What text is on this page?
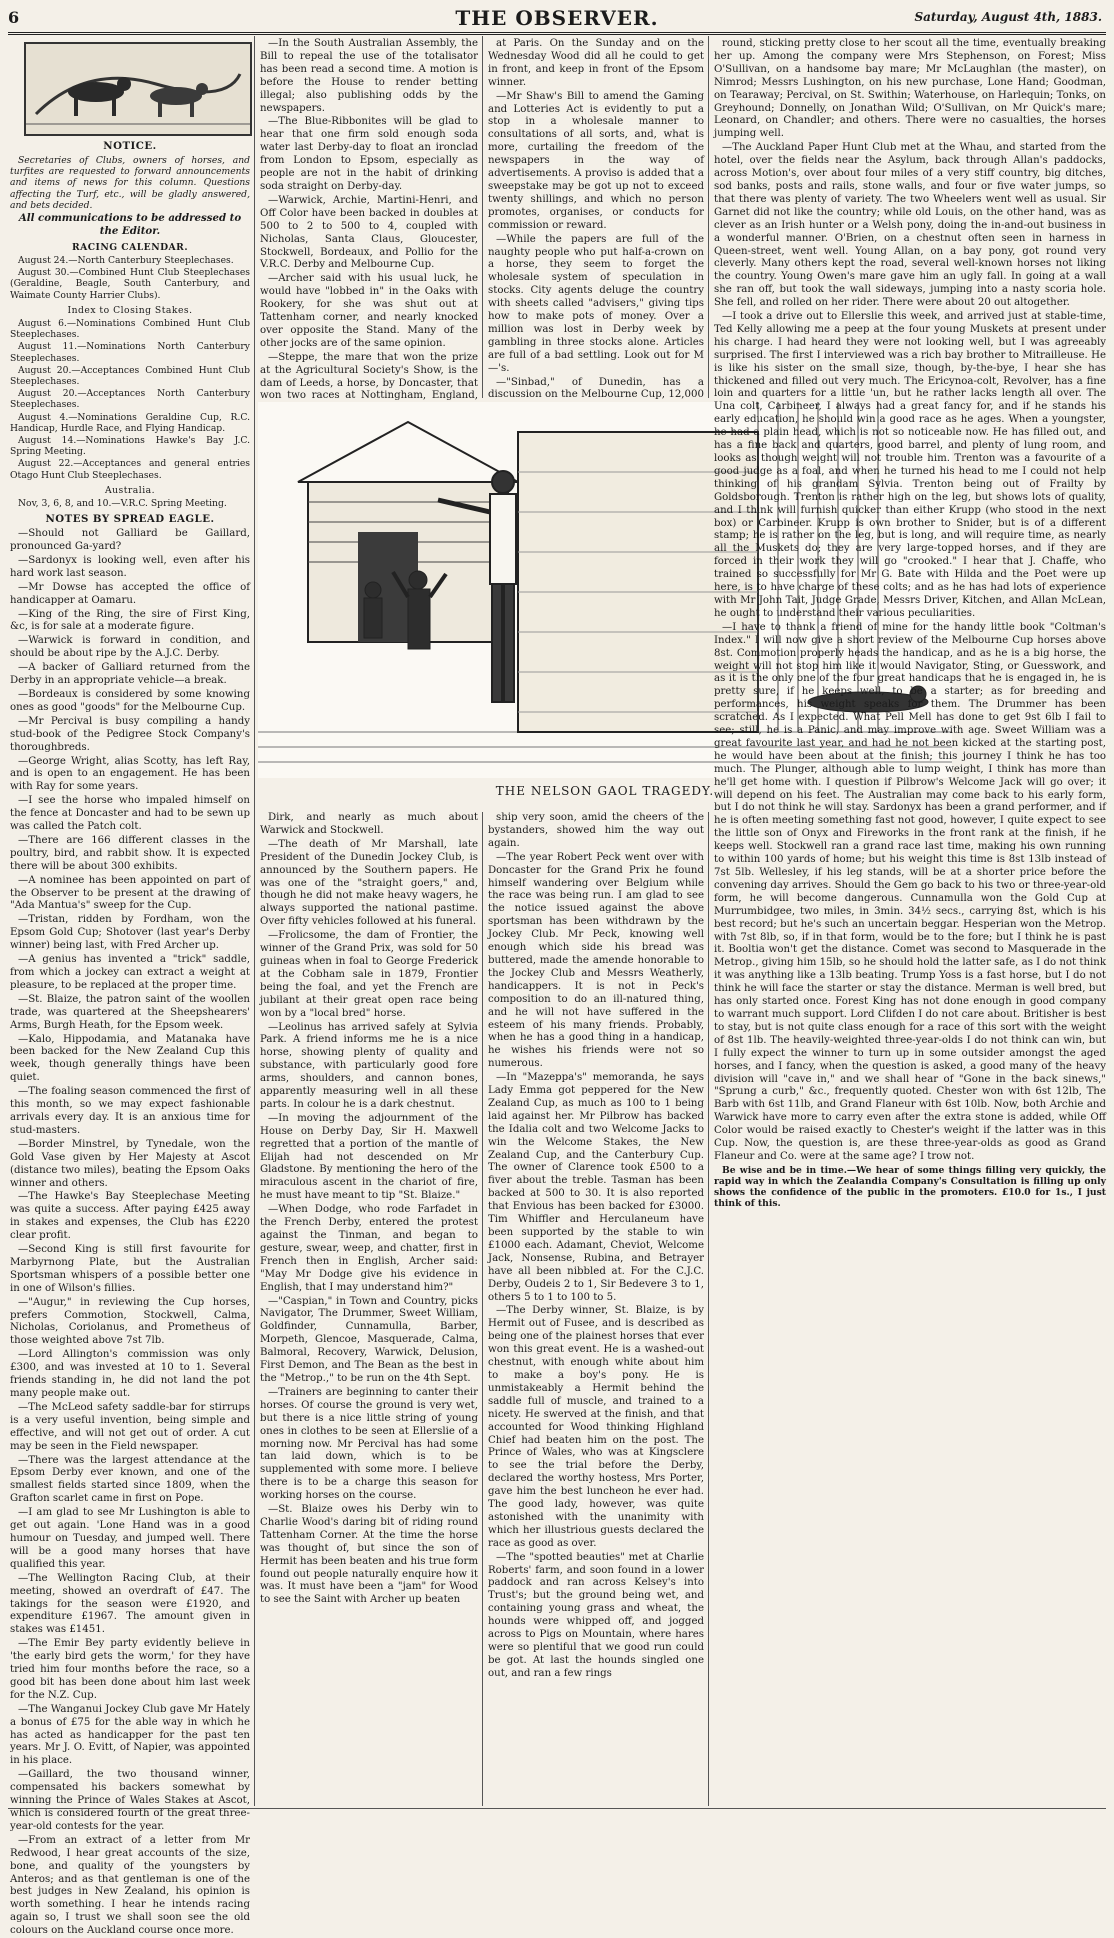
6	THE OBSERVER.	Saturday, August 4th, 1883.

NOTICE.

Secretaries of Clubs, owners of horses, and turfites are requested to forward announcements and items of news for this column. Questions affecting the Turf, etc., will be gladly answered, and bets decided.

All communications to be addressed to the Editor.

RACING CALENDAR.

August 24.—North Canterbury Steeplechases.

August 30.—Combined Hunt Club Steeplechases (Geraldine, Beagle, South Canterbury, and Waimate County Harrier Clubs).

Index to Closing Stakes.

August 6.—Nominations Combined Hunt Club Steeplechases.

August 11.—Nominations North Canterbury Steeplechases.

August 20.—Acceptances Combined Hunt Club Steeplechases.

August 20.—Acceptances North Canterbury Steeplechases.

August 4.—Nominations Geraldine Cup, R.C. Handicap, Hurdle Race, and Flying Handicap.

August 14.—Nominations Hawke's Bay J.C. Spring Meeting.

August 22.—Acceptances and general entries Otago Hunt Club Steeplechases.

Australia.

Nov, 3, 6, 8, and 10.—V.R.C. Spring Meeting.

NOTES BY SPREAD EAGLE.

—Should not Galliard be Gaillard, pronounced Ga-yard?

—Sardonyx is looking well, even after his hard work last season.

—Mr Dowse has accepted the office of handicapper at Oamaru.

—King of the Ring, the sire of First King, &c, is for sale at a moderate figure.

—Warwick is forward in condition, and should be about ripe by the A.J.C. Derby.

—A backer of Galliard returned from the Derby in an appropriate vehicle—a break.

—Bordeaux is considered by some knowing ones as good "goods" for the Melbourne Cup.

—Mr Percival is busy compiling a handy stud-book of the Pedigree Stock Company's thoroughbreds.

—George Wright, alias Scotty, has left Ray, and is open to an engagement. He has been with Ray for some years.

—I see the horse who impaled himself on the fence at Doncaster and had to be sewn up was called the Patch colt.

—There are 166 different classes in the poultry, bird, and rabbit show. It is expected there will be about 300 exhibits.

—A nominee has been appointed on part of the Observer to be present at the drawing of "Ada Mantua's" sweep for the Cup.

—Tristan, ridden by Fordham, won the Epsom Gold Cup; Shotover (last year's Derby winner) being last, with Fred Archer up.

—A genius has invented a "trick" saddle, from which a jockey can extract a weight at pleasure, to be replaced at the proper time.

—St. Blaize, the patron saint of the woollen trade, was quartered at the Sheepshearers' Arms, Burgh Heath, for the Epsom week.

—Kalo, Hippodamia, and Matanaka have been backed for the New Zealand Cup this week, though generally things have been quiet.

—The foaling season commenced the first of this month, so we may expect fashionable arrivals every day. It is an anxious time for stud-masters.

—Border Minstrel, by Tynedale, won the Gold Vase given by Her Majesty at Ascot (distance two miles), beating the Epsom Oaks winner and others.

—The Hawke's Bay Steeplechase Meeting was quite a success. After paying £425 away in stakes and expenses, the Club has £220 clear profit.

—Second King is still first favourite for Marbyrnong Plate, but the Australian Sportsman whispers of a possible better one in one of Wilson's fillies.

—"Augur," in reviewing the Cup horses, prefers Commotion, Stockwell, Calma, Nicholas, Coriolanus, and Prometheus of those weighted above 7st 7lb.

—Lord Allington's commission was only £300, and was invested at 10 to 1. Several friends standing in, he did not land the pot many people make out.

—The McLeod safety saddle-bar for stirrups is a very useful invention, being simple and effective, and will not get out of order. A cut may be seen in the Field newspaper.

—There was the largest attendance at the Epsom Derby ever known, and one of the smallest fields started since 1809, when the Grafton scarlet came in first on Pope.

—I am glad to see Mr Lushington is able to get out again. 'Lone Hand was in a good humour on Tuesday, and jumped well. There will be a good many horses that have qualified this year.

—The Wellington Racing Club, at their meeting, showed an overdraft of £47. The takings for the season were £1920, and expenditure £1967. The amount given in stakes was £1451.

—The Emir Bey party evidently believe in 'the early bird gets the worm,' for they have tried him four months before the race, so a good bit has been done about him last week for the N.Z. Cup.

—The Wanganui Jockey Club gave Mr Hately a bonus of £75 for the able way in which he has acted as handicapper for the past ten years. Mr J. O. Evitt, of Napier, was appointed in his place.

—Gaillard, the two thousand winner, compensated his backers somewhat by winning the Prince of Wales Stakes at Ascot, which is considered fourth of the great three-year-old contests for the year.

—From an extract of a letter from Mr Redwood, I hear great accounts of the size, bone, and quality of the youngsters by Anteros; and as that gentleman is one of the best judges in New Zealand, his opinion is worth something. I hear he intends racing again so, I trust we shall soon see the old colours on the Auckland course once more.

—In the South Australian Assembly, the Bill to repeal the use of the totalisator has been read a second time. A motion is before the House to render betting illegal; also publishing odds by the newspapers.

—The Blue-Ribbonites will be glad to hear that one firm sold enough soda water last Derby-day to float an ironclad from London to Epsom, especially as people are not in the habit of drinking soda straight on Derby-day.

—Warwick, Archie, Martini-Henri, and Off Color have been backed in doubles at 500 to 2 to 500 to 4, coupled with Nicholas, Santa Claus, Gloucester, Stockwell, Bordeaux, and Pollio for the V.R.C. Derby and Melbourne Cup.

—Archer said with his usual luck, he would have "lobbed in" in the Oaks with Rookery, for she was shut out at Tattenham corner, and nearly knocked over opposite the Stand. Many of the other jocks are of the same opinion.

—Steppe, the mare that won the prize at the Agricultural Society's Show, is the dam of Leeds, a horse, by Doncaster, that won two races at Nottingham, England,

at Paris. On the Sunday and on the Wednesday Wood did all he could to get in front, and keep in front of the Epsom winner.

—Mr Shaw's Bill to amend the Gaming and Lotteries Act is evidently to put a stop in a wholesale manner to consultations of all sorts, and, what is more, curtailing the freedom of the newspapers in the way of advertisements. A proviso is added that a sweepstake may be got up not to exceed twenty shillings, and which no person promotes, organises, or conducts for commission or reward.

—While the papers are full of the naughty people who put half-a-crown on a horse, they seem to forget the wholesale system of speculation in stocks. City agents deluge the country with sheets called "advisers," giving tips how to make pots of money. Over a million was lost in Derby week by gambling in three stocks alone. Articles are full of a bad settling. Look out for M—'s.

—"Sinbad," of Dunedin, has a discussion on the Melbourne Cup, 12,000

THE NELSON GAOL TRAGEDY.

Dirk, and nearly as much about Warwick and Stockwell.

—The death of Mr Marshall, late President of the Dunedin Jockey Club, is announced by the Southern papers. He was one of the "straight goers," and, though he did not make heavy wagers, he always supported the national pastime. Over fifty vehicles followed at his funeral.

—Frolicsome, the dam of Frontier, the winner of the Grand Prix, was sold for 50 guineas when in foal to George Frederick at the Cobham sale in 1879, Frontier being the foal, and yet the French are jubilant at their great open race being won by a "local bred" horse.

—Leolinus has arrived safely at Sylvia Park. A friend informs me he is a nice horse, showing plenty of quality and substance, with particularly good fore arms, shoulders, and cannon bones, apparently measuring well in all these parts. In colour he is a dark chestnut.

—In moving the adjournment of the House on Derby Day, Sir H. Maxwell regretted that a portion of the mantle of Elijah had not descended on Mr Gladstone. By mentioning the hero of the miraculous ascent in the chariot of fire, he must have meant to tip "St. Blaize."

—When Dodge, who rode Farfadet in the French Derby, entered the protest against the Tinman, and began to gesture, swear, weep, and chatter, first in French then in English, Archer said: "May Mr Dodge give his evidence in English, that I may understand him?"

—"Caspian," in Town and Country, picks Navigator, The Drummer, Sweet William, Goldfinder, Cunnamulla, Barber, Morpeth, Glencoe, Masquerade, Calma, Balmoral, Recovery, Warwick, Delusion, First Demon, and The Bean as the best in the "Metrop.," to be run on the 4th Sept.

—Trainers are beginning to canter their horses. Of course the ground is very wet, but there is a nice little string of young ones in clothes to be seen at Ellerslie of a morning now. Mr Percival has had some tan laid down, which is to be supplemented with some more. I believe there is to be a charge this season for working horses on the course.

—St. Blaize owes his Derby win to Charlie Wood's daring bit of riding round Tattenham Corner. At the time the horse was thought of, but since the son of Hermit has been beaten and his true form found out people naturally enquire how it was. It must have been a "jam" for Wood to see the Saint with Archer up beaten

ship very soon, amid the cheers of the bystanders, showed him the way out again.

—The year Robert Peck went over with Doncaster for the Grand Prix he found himself wandering over Belgium while the race was being run. I am glad to see the notice issued against the above sportsman has been withdrawn by the Jockey Club. Mr Peck, knowing well enough which side his bread was buttered, made the amende honorable to the Jockey Club and Messrs Weatherly, handicappers. It is not in Peck's composition to do an ill-natured thing, and he will not have suffered in the esteem of his many friends. Probably, when he has a good thing in a handicap, he wishes his friends were not so numerous.

—In "Mazeppa's" memoranda, he says Lady Emma got peppered for the New Zealand Cup, as much as 100 to 1 being laid against her. Mr Pilbrow has backed the Idalia colt and two Welcome Jacks to win the Welcome Stakes, the New Zealand Cup, and the Canterbury Cup. The owner of Clarence took £500 to a fiver about the treble. Tasman has been backed at 500 to 30. It is also reported that Envious has been backed for £3000. Tim Whiffler and Herculaneum have been supported by the stable to win £1000 each. Adamant, Cheviot, Welcome Jack, Nonsense, Rubina, and Betrayer have all been nibbled at. For the C.J.C. Derby, Oudeis 2 to 1, Sir Bedevere 3 to 1, others 5 to 1 to 100 to 5.

—The Derby winner, St. Blaize, is by Hermit out of Fusee, and is described as being one of the plainest horses that ever won this great event. He is a washed-out chestnut, with enough white about him to make a boy's pony. He is unmistakeably a Hermit behind the saddle full of muscle, and trained to a nicety. He swerved at the finish, and that accounted for Wood thinking Highland Chief had beaten him on the post. The Prince of Wales, who was at Kingsclere to see the trial before the Derby, declared the worthy hostess, Mrs Porter, gave him the best luncheon he ever had. The good lady, however, was quite astonished with the unanimity with which her illustrious guests declared the race as good as over.

—The "spotted beauties" met at Charlie Roberts' farm, and soon found in a lower paddock and ran across Kelsey's into Trust's; but the ground being wet, and containing young grass and wheat, the hounds were whipped off, and jogged across to Pigs on Mountain, where hares were so plentiful that we good run could be got. At last the hounds singled one out, and ran a few rings

round, sticking pretty close to her scout all the time, eventually breaking her up. Among the company were Mrs Stephenson, on Forest; Miss O'Sullivan, on a handsome bay mare; Mr McLaughlan (the master), on Nimrod; Messrs Lushington, on his new purchase, Lone Hand; Goodman, on Tearaway; Percival, on St. Swithin; Waterhouse, on Harlequin; Tonks, on Greyhound; Donnelly, on Jonathan Wild; O'Sullivan, on Mr Quick's mare; Leonard, on Chandler; and others. There were no casualties, the horses jumping well.

—The Auckland Paper Hunt Club met at the Whau, and started from the hotel, over the fields near the Asylum, back through Allan's paddocks, across Motion's, over about four miles of a very stiff country, big ditches, sod banks, posts and rails, stone walls, and four or five water jumps, so that there was plenty of variety. The two Wheelers went well as usual. Sir Garnet did not like the country; while old Louis, on the other hand, was as clever as an Irish hunter or a Welsh pony, doing the in-and-out business in a wonderful manner. O'Brien, on a chestnut often seen in harness in Queen-street, went well. Young Allan, on a bay pony, got round very cleverly. Many others kept the road, several well-known horses not liking the country. Young Owen's mare gave him an ugly fall. In going at a wall she ran off, but took the wall sideways, jumping into a nasty scoria hole. She fell, and rolled on her rider. There were about 20 out altogether.

—I took a drive out to Ellerslie this week, and arrived just at stable-time, Ted Kelly allowing me a peep at the four young Muskets at present under his charge. I had heard they were not looking well, but I was agreeably surprised. The first I interviewed was a rich bay brother to Mitrailleuse. He is like his sister on the small size, though, by-the-bye, I hear she has thickened and filled out very much. The Ericynoa-colt, Revolver, has a fine loin and quarters for a little 'un, but he rather lacks length all over. The Una colt, Carbineer, I always had a great fancy for, and if he stands his early education, he should win a good race as he ages. When a youngster, he had a plain head, which is not so noticeable now. He has filled out, and has a fine back and quarters, good barrel, and plenty of lung room, and looks as though weight will not trouble him. Trenton was a favourite of a good judge as a foal, and when he turned his head to me I could not help thinking of his grandam Sylvia. Trenton being out of Frailty by Goldsborough. Trenton is rather high on the leg, but shows lots of quality, and I think will furnish quicker than either Krupp (who stood in the next box) or Carbineer. Krupp is own brother to Snider, but is of a different stamp; he is rather on the leg, but is long, and will require time, as nearly all the Muskets do; they are very large-topped horses, and if they are forced in their work they will go "crooked." I hear that J. Chaffe, who trained so successfully for Mr G. Bate with Hilda and the Poet were up here, is to have charge of these colts; and as he has had lots of experience with Mr John Tait, Judge Grade, Messrs Driver, Kitchen, and Allan McLean, he ought to understand their various peculiarities.

—I have to thank a friend of mine for the handy little book "Coltman's Index." I will now give a short review of the Melbourne Cup horses above 8st. Commotion properly heads the handicap, and as he is a big horse, the weight will not stop him like it would Navigator, Sting, or Guesswork, and as it is the only one of the four great handicaps that he is engaged in, he is pretty sure, if he keeps well, to be a starter; as for breeding and performances, his weight speaks for them. The Drummer has been scratched. As I expected. What Pell Mell has done to get 9st 6lb I fail to see; still, he is a Panic, and may improve with age. Sweet William was a great favourite last year, and had he not been kicked at the starting post, he would have been about at the finish; this journey I think he has too much. The Plunger, although able to lump weight, I think has more than he'll get home with. I question if Pilbrow's Welcome Jack will go over; it will depend on his feet. The Australian may come back to his early form, but I do not think he will stay. Sardonyx has been a grand performer, and if he is often meeting something fast not good, however, I quite expect to see the little son of Onyx and Fireworks in the front rank at the finish, if he keeps well. Stockwell ran a grand race last time, making his own running to within 100 yards of home; but his weight this time is 8st 13lb instead of 7st 5lb. Wellesley, if his leg stands, will be at a shorter price before the convening day arrives. Should the Gem go back to his two or three-year-old form, he will become dangerous. Cunnamulla won the Gold Cup at Murrumbidgee, two miles, in 3min. 34½ secs., carrying 8st, which is his best record; but he's such an uncertain beggar. Hesperian won the Metrop. with 7st 8lb, so, if in that form, would be to the fore; but I think he is past it. Booltia won't get the distance. Comet was second to Masquerade in the Metrop., giving him 15lb, so he should hold the latter safe, as I do not think it was anything like a 13lb beating. Trump Yoss is a fast horse, but I do not think he will face the starter or stay the distance. Merman is well bred, but has only started once. Forest King has not done enough in good company to warrant much support. Lord Clifden I do not care about. Britisher is best to stay, but is not quite class enough for a race of this sort with the weight of 8st 1lb. The heavily-weighted three-year-olds I do not think can win, but I fully expect the winner to turn up in some outsider amongst the aged horses, and I fancy, when the question is asked, a good many of the heavy division will "cave in," and we shall hear of "Gone in the back sinews," "Sprung a curb," &c., frequently quoted. Chester won with 6st 12lb, The Barb with 6st 11lb, and Grand Flaneur with 6st 10lb. Now, both Archie and Warwick have more to carry even after the extra stone is added, while Off Color would be raised exactly to Chester's weight if the latter was in this Cup. Now, the question is, are these three-year-olds as good as Grand Flaneur and Co. were at the same age? I trow not.

Be wise and be in time.—We hear of some things filling very quickly, the rapid way in which the Zealandia Company's Consultation is filling up only shows the confidence of the public in the promoters. £10.0 for 1s., I just think of this.
